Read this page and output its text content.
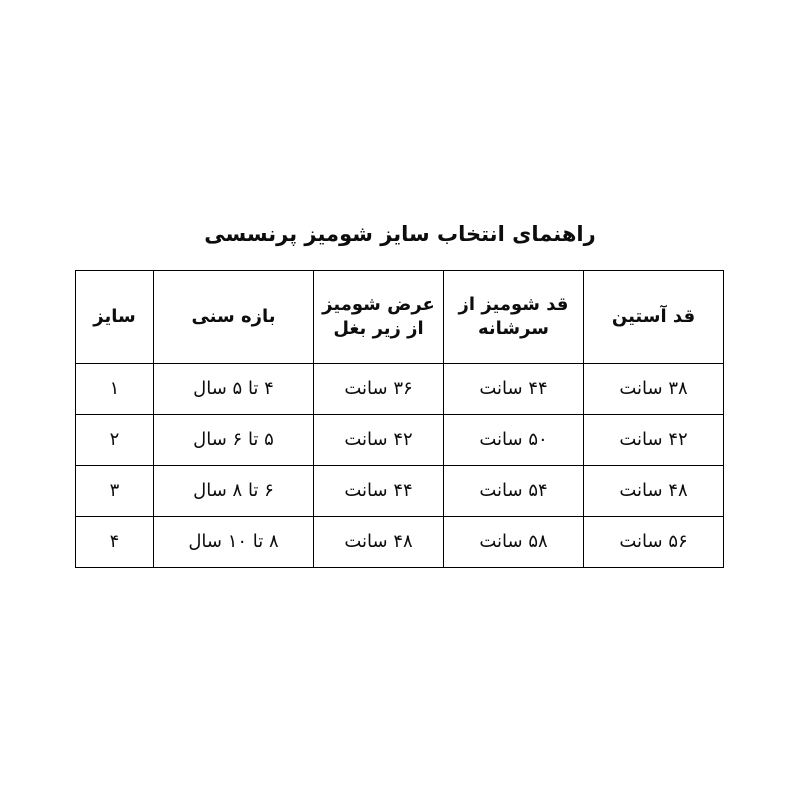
راهنمای انتخاب سایز شومیز پرنسسی
قد آستین	قد شومیز از سرشانه	عرض شومیز از زیر بغل	بازه سنی	سایز
۳۸ سانت	۴۴ سانت	۳۶ سانت	۴ تا ۵ سال	۱
۴۲ سانت	۵۰ سانت	۴۲ سانت	۵ تا ۶ سال	۲
۴۸ سانت	۵۴ سانت	۴۴ سانت	۶ تا ۸ سال	۳
۵۶ سانت	۵۸ سانت	۴۸ سانت	۸ تا ۱۰ سال	۴
